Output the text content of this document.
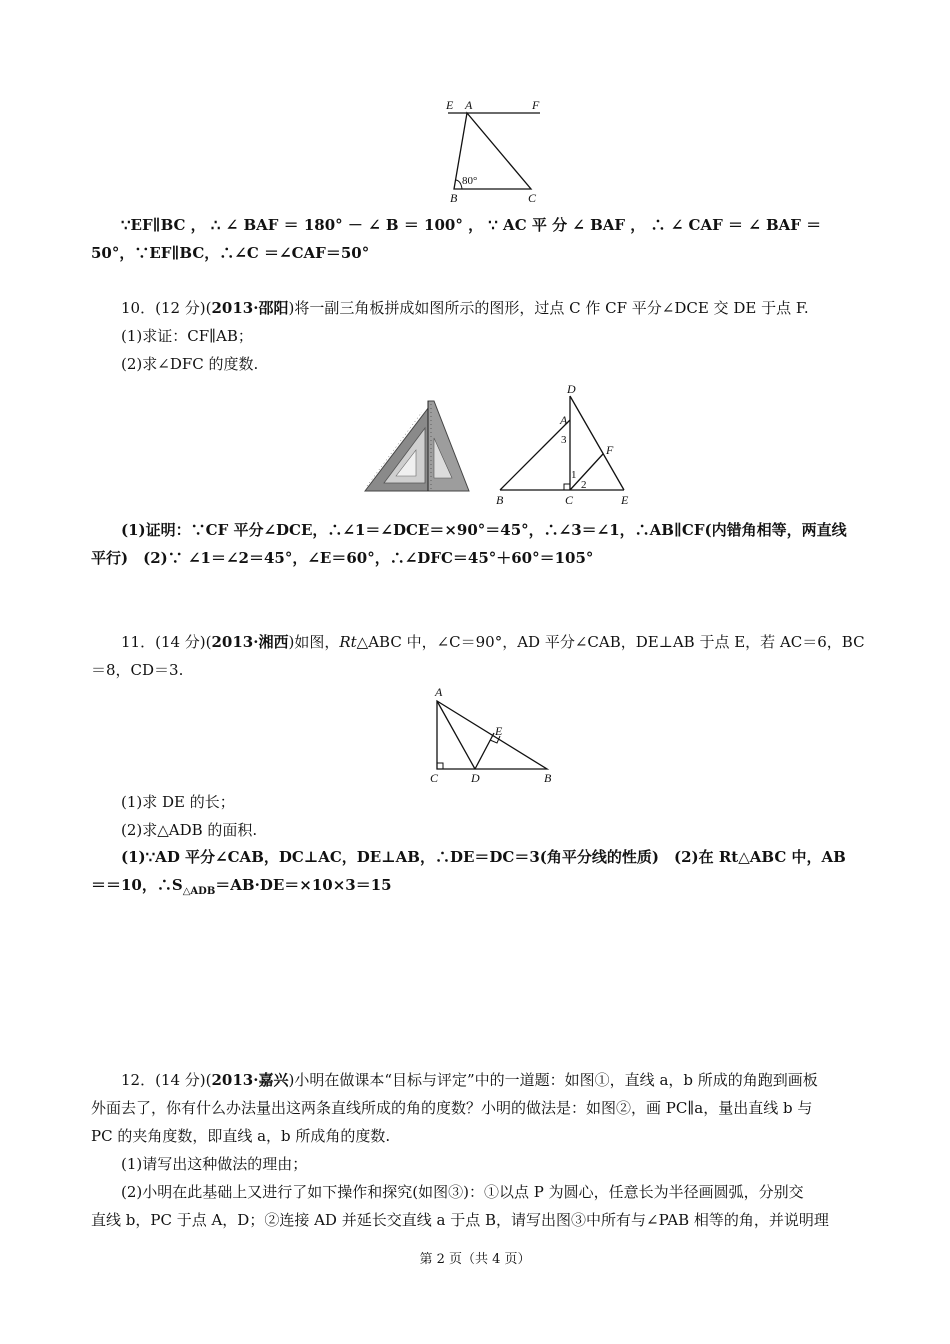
E A	F
80°
B	C
∵EF∥BC ， ∴ ∠ BAF ＝ 180° － ∠ B ＝ 100° ， ∵ AC 平 分 ∠ BAF ， ∴ ∠ CAF ＝ ∠ BAF ＝
50°，∵EF∥BC，∴∠C ＝∠CAF＝50°
10．(12 分)(2013·邵阳)将一副三角板拼成如图所示的图形，过点 C 作 CF 平分∠DCE 交 DE 于点 F.
(1)求证：CF∥AB；
(2)求∠DFC 的度数.
D
A
3
F
1
2
B	C	E
(1)证明：∵CF 平分∠DCE，∴∠1＝∠DCE＝×90°＝45°，∴∠3＝∠1，∴AB∥CF(内错角相等，两直线
平行)　(2)∵ ∠1＝∠2＝45°，∠E＝60°，∴∠DFC＝45°＋60°＝105°
11．(14 分)(2013·湘西)如图，Rt△ABC 中，∠C＝90°，AD 平分∠CAB，DE⊥AB 于点 E，若 AC＝6，BC
＝8，CD＝3.
A
E
C	D	B
(1)求 DE 的长；
(2)求△ADB 的面积.
(1)∵AD 平分∠CAB，DC⊥AC，DE⊥AB，∴DE＝DC＝3(角平分线的性质)　(2)在 Rt△ABC 中，AB
＝＝10，$\therefore S_{\triangle ADB}=AB\cdot DE=\times 10\times 3=15$
12．(14 分)(2013·嘉兴)小明在做课本“目标与评定”中的一道题：如图①，直线 a，b 所成的角跑到画板
外面去了，你有什么办法量出这两条直线所成的角的度数？小明的做法是：如图②，画 PC∥a，量出直线 b 与
PC 的夹角度数，即直线 a，b 所成角的度数.
(1)请写出这种做法的理由；
(2)小明在此基础上又进行了如下操作和探究(如图③)：①以点 P 为圆心，任意长为半径画圆弧，分别交
直线 b，PC 于点 A，D；②连接 AD 并延长交直线 a 于点 B，请写出图③中所有与∠PAB 相等的角，并说明理
第 2 页（共 4 页）
